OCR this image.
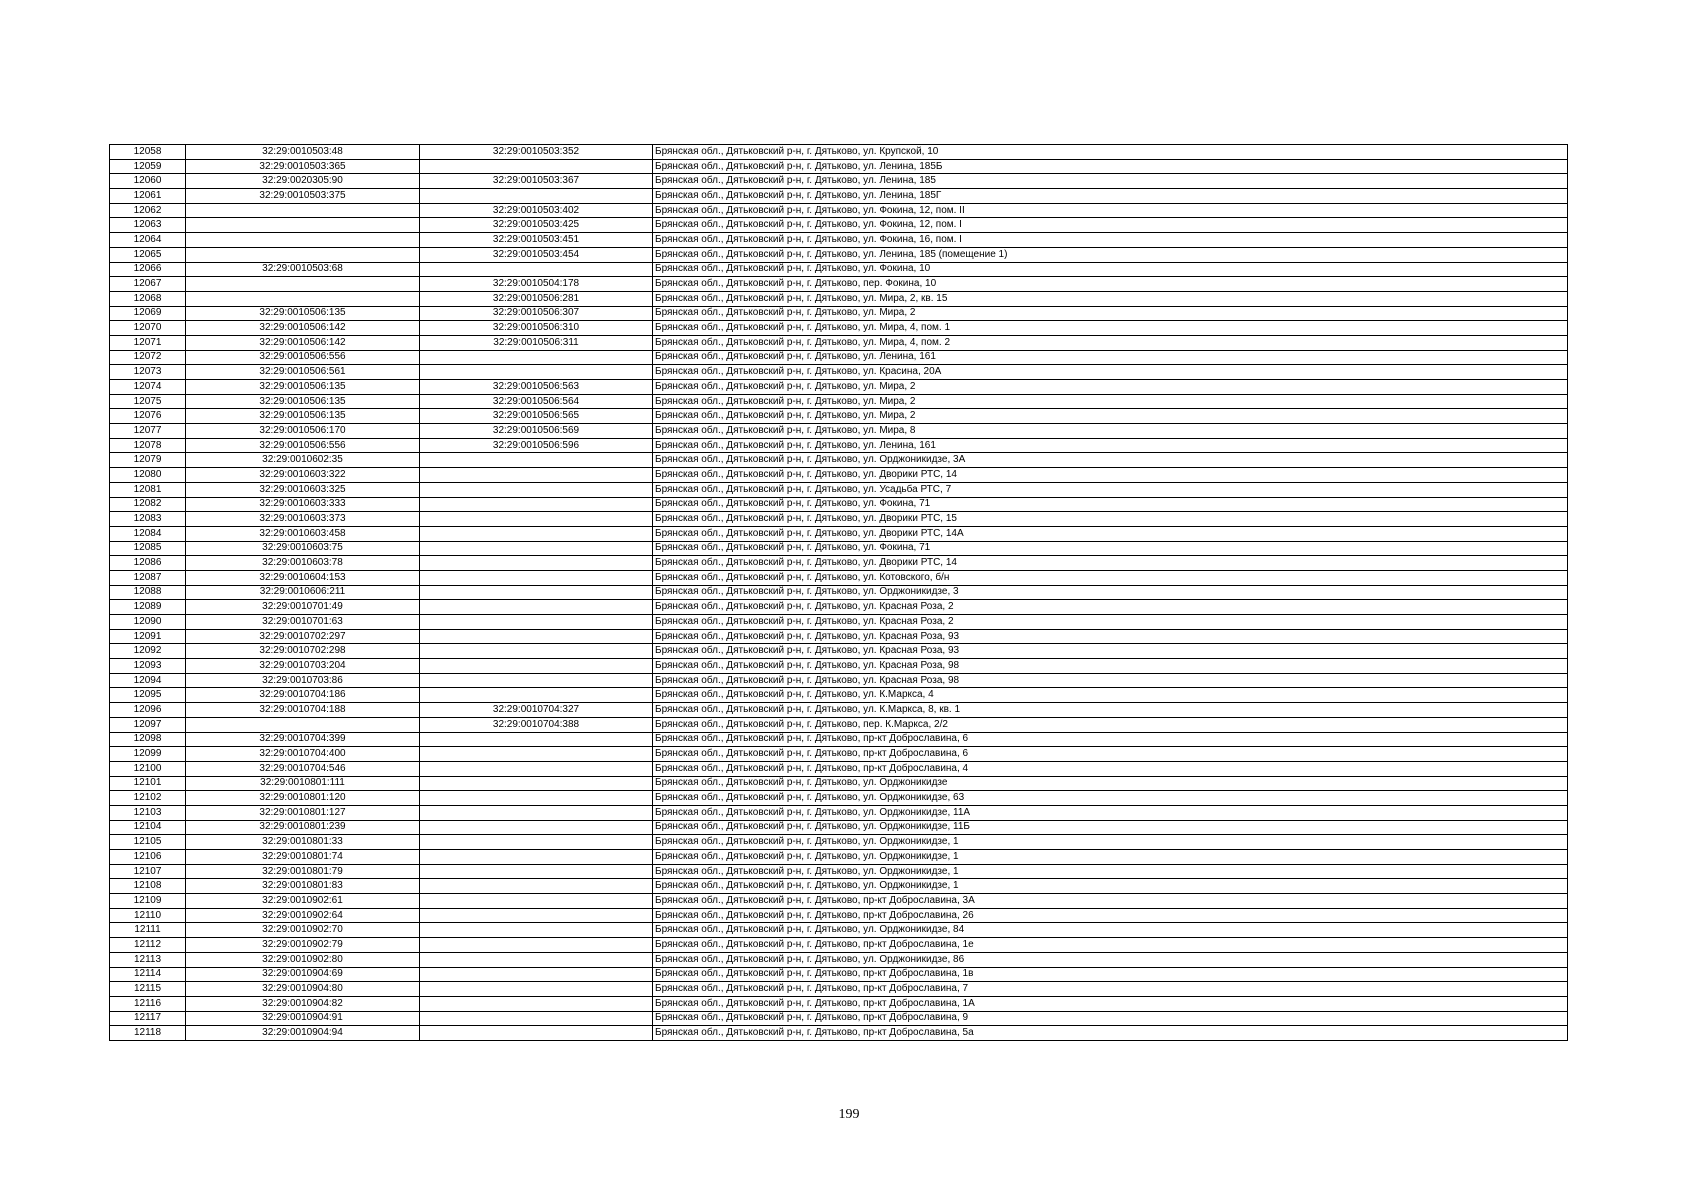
12058	32:29:0010503:48	32:29:0010503:352	Брянская обл., Дятьковский р-н, г. Дятьково, ул. Крупской, 10
12059	32:29:0010503:365		Брянская обл., Дятьковский р-н, г. Дятьково, ул. Ленина, 185Б
12060	32:29:0020305:90	32:29:0010503:367	Брянская обл., Дятьковский р-н, г. Дятьково, ул. Ленина, 185
12061	32:29:0010503:375		Брянская обл., Дятьковский р-н, г. Дятьково, ул. Ленина, 185Г
12062		32:29:0010503:402	Брянская обл., Дятьковский р-н, г. Дятьково, ул. Фокина, 12, пом. II
12063		32:29:0010503:425	Брянская обл., Дятьковский р-н, г. Дятьково, ул. Фокина, 12, пом. I
12064		32:29:0010503:451	Брянская обл., Дятьковский р-н, г. Дятьково, ул. Фокина, 16, пом. I
12065		32:29:0010503:454	Брянская обл., Дятьковский р-н, г. Дятьково, ул. Ленина, 185 (помещение 1)
12066	32:29:0010503:68		Брянская обл., Дятьковский р-н, г. Дятьково, ул. Фокина, 10
12067		32:29:0010504:178	Брянская обл., Дятьковский р-н, г. Дятьково, пер. Фокина, 10
12068		32:29:0010506:281	Брянская обл., Дятьковский р-н, г. Дятьково, ул. Мира, 2, кв. 15
12069	32:29:0010506:135	32:29:0010506:307	Брянская обл., Дятьковский р-н, г. Дятьково, ул. Мира, 2
12070	32:29:0010506:142	32:29:0010506:310	Брянская обл., Дятьковский р-н, г. Дятьково, ул. Мира, 4, пом. 1
12071	32:29:0010506:142	32:29:0010506:311	Брянская обл., Дятьковский р-н, г. Дятьково, ул. Мира, 4, пом. 2
12072	32:29:0010506:556		Брянская обл., Дятьковский р-н, г. Дятьково, ул. Ленина, 161
12073	32:29:0010506:561		Брянская обл., Дятьковский р-н, г. Дятьково, ул. Красина, 20А
12074	32:29:0010506:135	32:29:0010506:563	Брянская обл., Дятьковский р-н, г. Дятьково, ул. Мира, 2
12075	32:29:0010506:135	32:29:0010506:564	Брянская обл., Дятьковский р-н, г. Дятьково, ул. Мира, 2
12076	32:29:0010506:135	32:29:0010506:565	Брянская обл., Дятьковский р-н, г. Дятьково, ул. Мира, 2
12077	32:29:0010506:170	32:29:0010506:569	Брянская обл., Дятьковский р-н, г. Дятьково, ул. Мира, 8
12078	32:29:0010506:556	32:29:0010506:596	Брянская обл., Дятьковский р-н, г. Дятьково, ул. Ленина, 161
12079	32:29:0010602:35		Брянская обл., Дятьковский р-н, г. Дятьково, ул. Орджоникидзе, 3А
12080	32:29:0010603:322		Брянская обл., Дятьковский р-н, г. Дятьково, ул. Дворики РТС, 14
12081	32:29:0010603:325		Брянская обл., Дятьковский р-н, г. Дятьково, ул. Усадьба РТС, 7
12082	32:29:0010603:333		Брянская обл., Дятьковский р-н, г. Дятьково, ул. Фокина, 71
12083	32:29:0010603:373		Брянская обл., Дятьковский р-н, г. Дятьково, ул. Дворики РТС, 15
12084	32:29:0010603:458		Брянская обл., Дятьковский р-н, г. Дятьково, ул. Дворики РТС, 14А
12085	32:29:0010603:75		Брянская обл., Дятьковский р-н, г. Дятьково, ул. Фокина, 71
12086	32:29:0010603:78		Брянская обл., Дятьковский р-н, г. Дятьково, ул. Дворики РТС, 14
12087	32:29:0010604:153		Брянская обл., Дятьковский р-н, г. Дятьково, ул. Котовского, б/н
12088	32:29:0010606:211		Брянская обл., Дятьковский р-н, г. Дятьково, ул. Орджоникидзе, 3
12089	32:29:0010701:49		Брянская обл., Дятьковский р-н, г. Дятьково, ул. Красная Роза, 2
12090	32:29:0010701:63		Брянская обл., Дятьковский р-н, г. Дятьково, ул. Красная Роза, 2
12091	32:29:0010702:297		Брянская обл., Дятьковский р-н, г. Дятьково, ул. Красная Роза, 93
12092	32:29:0010702:298		Брянская обл., Дятьковский р-н, г. Дятьково, ул. Красная Роза, 93
12093	32:29:0010703:204		Брянская обл., Дятьковский р-н, г. Дятьково, ул. Красная Роза, 98
12094	32:29:0010703:86		Брянская обл., Дятьковский р-н, г. Дятьково, ул. Красная Роза, 98
12095	32:29:0010704:186		Брянская обл., Дятьковский р-н, г. Дятьково, ул. К.Маркса, 4
12096	32:29:0010704:188	32:29:0010704:327	Брянская обл., Дятьковский р-н, г. Дятьково, ул. К.Маркса, 8, кв. 1
12097		32:29:0010704:388	Брянская обл., Дятьковский р-н, г. Дятьково, пер. К.Маркса, 2/2
12098	32:29:0010704:399		Брянская обл., Дятьковский р-н, г. Дятьково, пр-кт Доброславина, 6
12099	32:29:0010704:400		Брянская обл., Дятьковский р-н, г. Дятьково, пр-кт Доброславина, 6
12100	32:29:0010704:546		Брянская обл., Дятьковский р-н, г. Дятьково, пр-кт Доброславина, 4
12101	32:29:0010801:111		Брянская обл., Дятьковский р-н, г. Дятьково, ул. Орджоникидзе
12102	32:29:0010801:120		Брянская обл., Дятьковский р-н, г. Дятьково, ул. Орджоникидзе, 63
12103	32:29:0010801:127		Брянская обл., Дятьковский р-н, г. Дятьково, ул. Орджоникидзе, 11А
12104	32:29:0010801:239		Брянская обл., Дятьковский р-н, г. Дятьково, ул. Орджоникидзе, 11Б
12105	32:29:0010801:33		Брянская обл., Дятьковский р-н, г. Дятьково, ул. Орджоникидзе, 1
12106	32:29:0010801:74		Брянская обл., Дятьковский р-н, г. Дятьково, ул. Орджоникидзе, 1
12107	32:29:0010801:79		Брянская обл., Дятьковский р-н, г. Дятьково, ул. Орджоникидзе, 1
12108	32:29:0010801:83		Брянская обл., Дятьковский р-н, г. Дятьково, ул. Орджоникидзе, 1
12109	32:29:0010902:61		Брянская обл., Дятьковский р-н, г. Дятьково, пр-кт Доброславина, 3А
12110	32:29:0010902:64		Брянская обл., Дятьковский р-н, г. Дятьково, пр-кт Доброславина, 26
12111	32:29:0010902:70		Брянская обл., Дятьковский р-н, г. Дятьково, ул. Орджоникидзе, 84
12112	32:29:0010902:79		Брянская обл., Дятьковский р-н, г. Дятьково, пр-кт Доброславина, 1е
12113	32:29:0010902:80		Брянская обл., Дятьковский р-н, г. Дятьково, ул. Орджоникидзе, 86
12114	32:29:0010904:69		Брянская обл., Дятьковский р-н, г. Дятьково, пр-кт Доброславина, 1в
12115	32:29:0010904:80		Брянская обл., Дятьковский р-н, г. Дятьково, пр-кт Доброславина, 7
12116	32:29:0010904:82		Брянская обл., Дятьковский р-н, г. Дятьково, пр-кт Доброславина, 1А
12117	32:29:0010904:91		Брянская обл., Дятьковский р-н, г. Дятьково, пр-кт Доброславина, 9
12118	32:29:0010904:94		Брянская обл., Дятьковский р-н, г. Дятьково, пр-кт Доброславина, 5а
199
